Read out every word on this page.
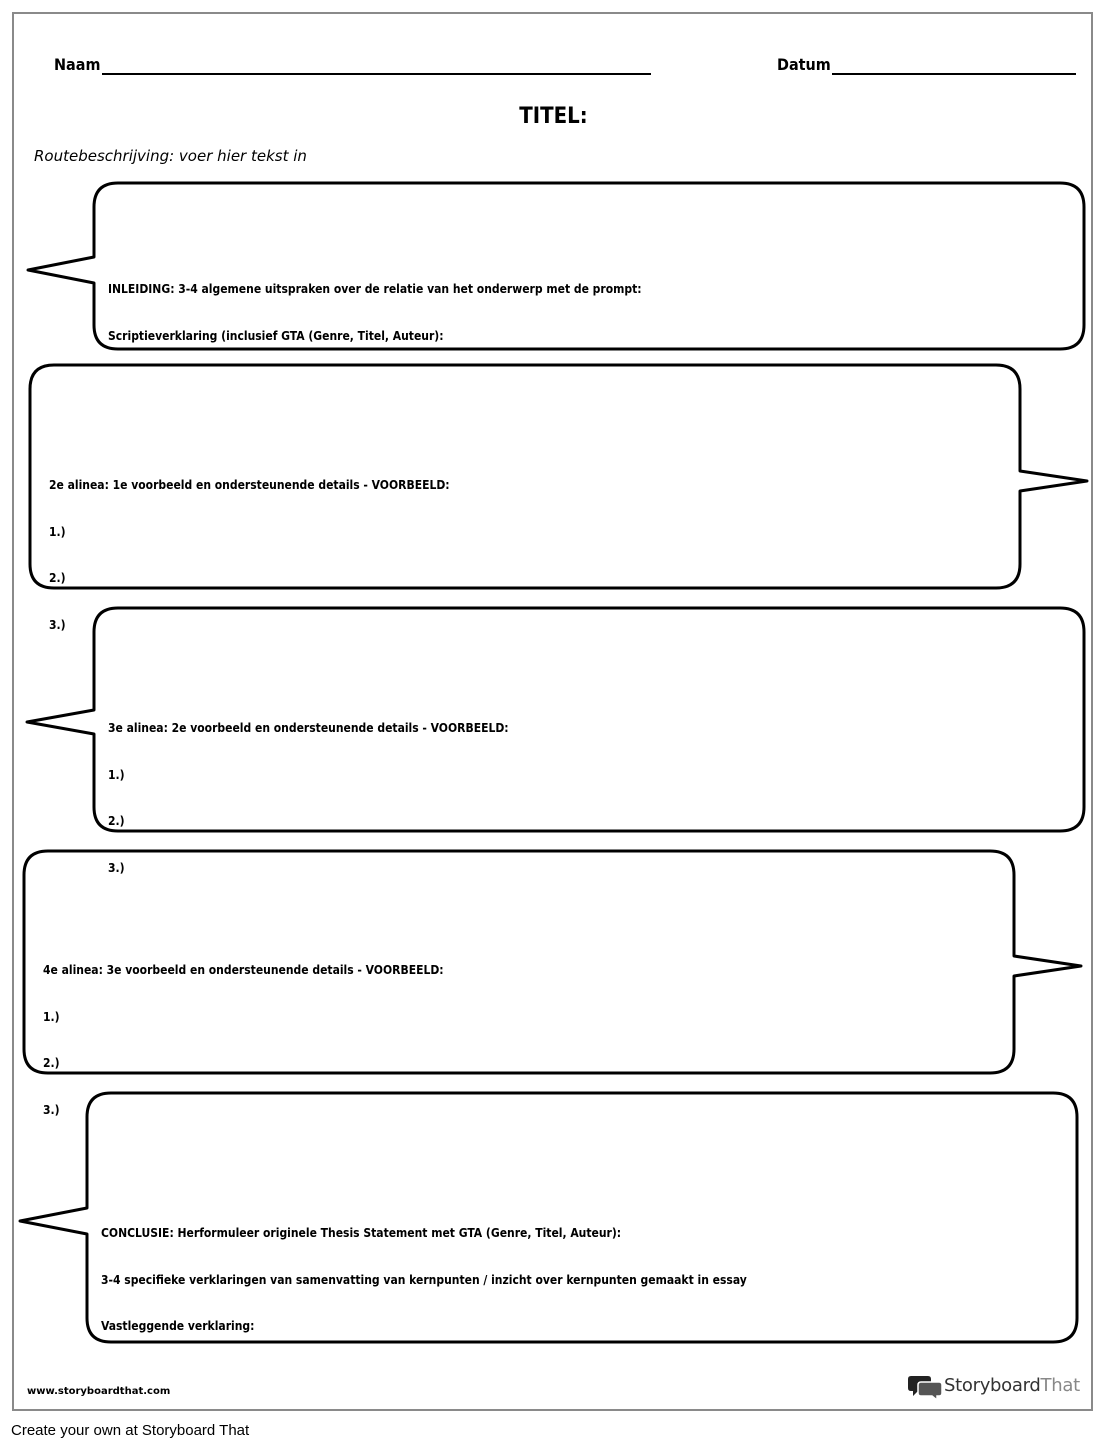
Naam	Datum
TITEL:
Routebeschrijving: voer hier tekst in

INLEIDING: 3-4 algemene uitspraken over de relatie van het onderwerp met de prompt:

Scriptieverklaring (inclusief GTA (Genre, Titel, Auteur):

2e alinea: 1e voorbeeld en ondersteunende details - VOORBEELD:

1.)

2.)

3.)

3e alinea: 2e voorbeeld en ondersteunende details - VOORBEELD:

1.)

2.)

3.)

4e alinea: 3e voorbeeld en ondersteunende details - VOORBEELD:

1.)

2.)

3.)

CONCLUSIE: Herformuleer originele Thesis Statement met GTA (Genre, Titel, Auteur):

3-4 specifieke verklaringen van samenvatting van kernpunten / inzicht over kernpunten gemaakt in essay

Vastleggende verklaring:

www.storyboardthat.com	StoryboardThat
Create your own at Storyboard That
